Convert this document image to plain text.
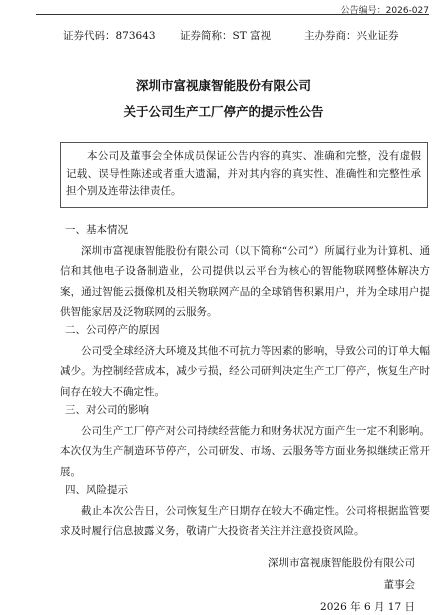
公告编号：2026-027
证券代码：873643 证券简称：ST 富视	主办券商：兴业证券
深圳市富视康智能股份有限公司
关于公司生产工厂停产的提示性公告
本公司及董事会全体成员保证公告内容的真实、准确和完整，没有虚假记载、误导性陈述或者重大遗漏，并对其内容的真实性、准确性和完整性承担个别及连带法律责任。
一、基本情况
深圳市富视康智能股份有限公司（以下简称“公司”）所属行业为计算机、通信和其他电子设备制造业，公司提供以云平台为核心的智能物联网整体解决方案，通过智能云摄像机及相关物联网产品的全球销售积累用户，并为全球用户提供智能家居及泛物联网的云服务。
二、公司停产的原因
公司受全球经济大环境及其他不可抗力等因素的影响，导致公司的订单大幅减少。为控制经营成本，减少亏损，经公司研判决定生产工厂停产，恢复生产时间存在较大不确定性。
三、对公司的影响
公司生产工厂停产对公司持续经营能力和财务状况方面产生一定不利影响。本次仅为生产制造环节停产，公司研发、市场、云服务等方面业务拟继续正常开展。
四、风险提示
截止本次公告日，公司恢复生产日期存在较大不确定性。公司将根据监管要求及时履行信息披露义务，敬请广大投资者关注并注意投资风险。
深圳市富视康智能股份有限公司
董事会
2026 年 6 月 17 日
